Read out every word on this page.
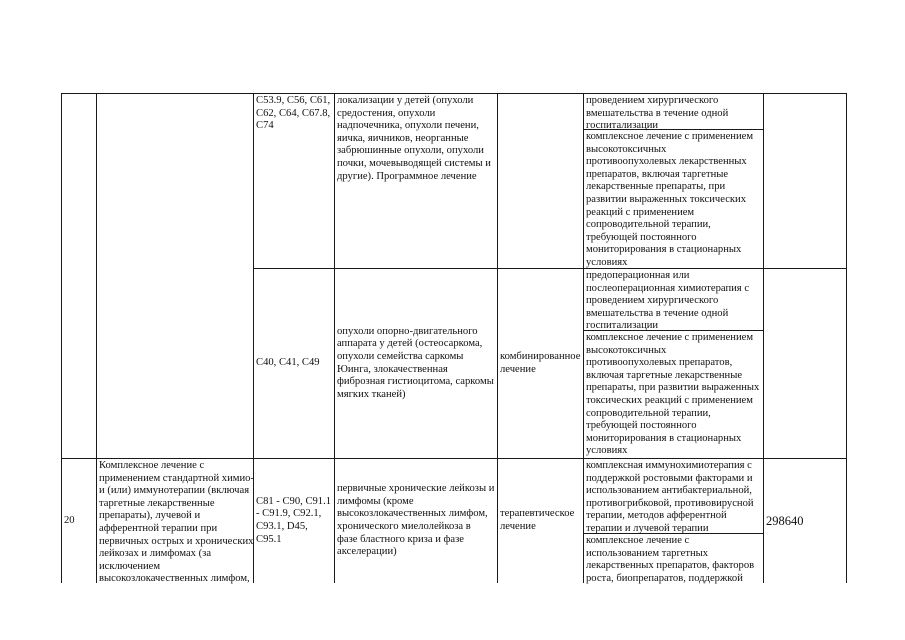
C53.9, C56, C61,
C62, C64, C67.8,
C74
локализации у детей (опухоли
средостения, опухоли
надпочечника, опухоли печени,
яичка, яичников, неорганные
забрюшинные опухоли, опухоли
почки, мочевыводящей системы и
другие). Программное лечение
проведением хирургического
вмешательства в течение одной
госпитализации
комплексное лечение с применением
высокотоксичных
противоопухолевых лекарственных
препаратов, включая таргетные
лекарственные препараты, при
развитии выраженных токсических
реакций с применением
сопроводительной терапии,
требующей постоянного
мониторирования в стационарных
условиях
C40, C41, C49
опухоли опорно-двигательного
аппарата у детей (остеосаркома,
опухоли семейства саркомы
Юинга, злокачественная
фиброзная гистиоцитома, саркомы
мягких тканей)
комбинированное
лечение
предоперационная или
послеоперационная химиотерапия с
проведением хирургического
вмешательства в течение одной
госпитализации
комплексное лечение с применением
высокотоксичных
противоопухолевых препаратов,
включая таргетные лекарственные
препараты, при развитии выраженных
токсических реакций с применением
сопроводительной терапии,
требующей постоянного
мониторирования в стационарных
условиях
20
Комплексное лечение с
применением стандартной химио-
и (или) иммунотерапии (включая
таргетные лекарственные
препараты), лучевой и
афферентной терапии при
первичных острых и хронических
лейкозах и лимфомах (за
исключением
высокозлокачественных лимфом,
C81 - C90, C91.1
- C91.9, C92.1,
C93.1, D45,
C95.1
первичные хронические лейкозы и
лимфомы (кроме
высокозлокачественных лимфом,
хронического миелолейкоза в
фазе бластного криза и фазе
акселерации)
терапевтическое
лечение
комплексная иммунохимиотерапия с
поддержкой ростовыми факторами и
использованием антибактериальной,
противогрибковой, противовирусной
терапии, методов афферентной
терапии и лучевой терапии
комплексное лечение с
использованием таргетных
лекарственных препаратов, факторов
роста, биопрепаратов, поддержкой
298640
